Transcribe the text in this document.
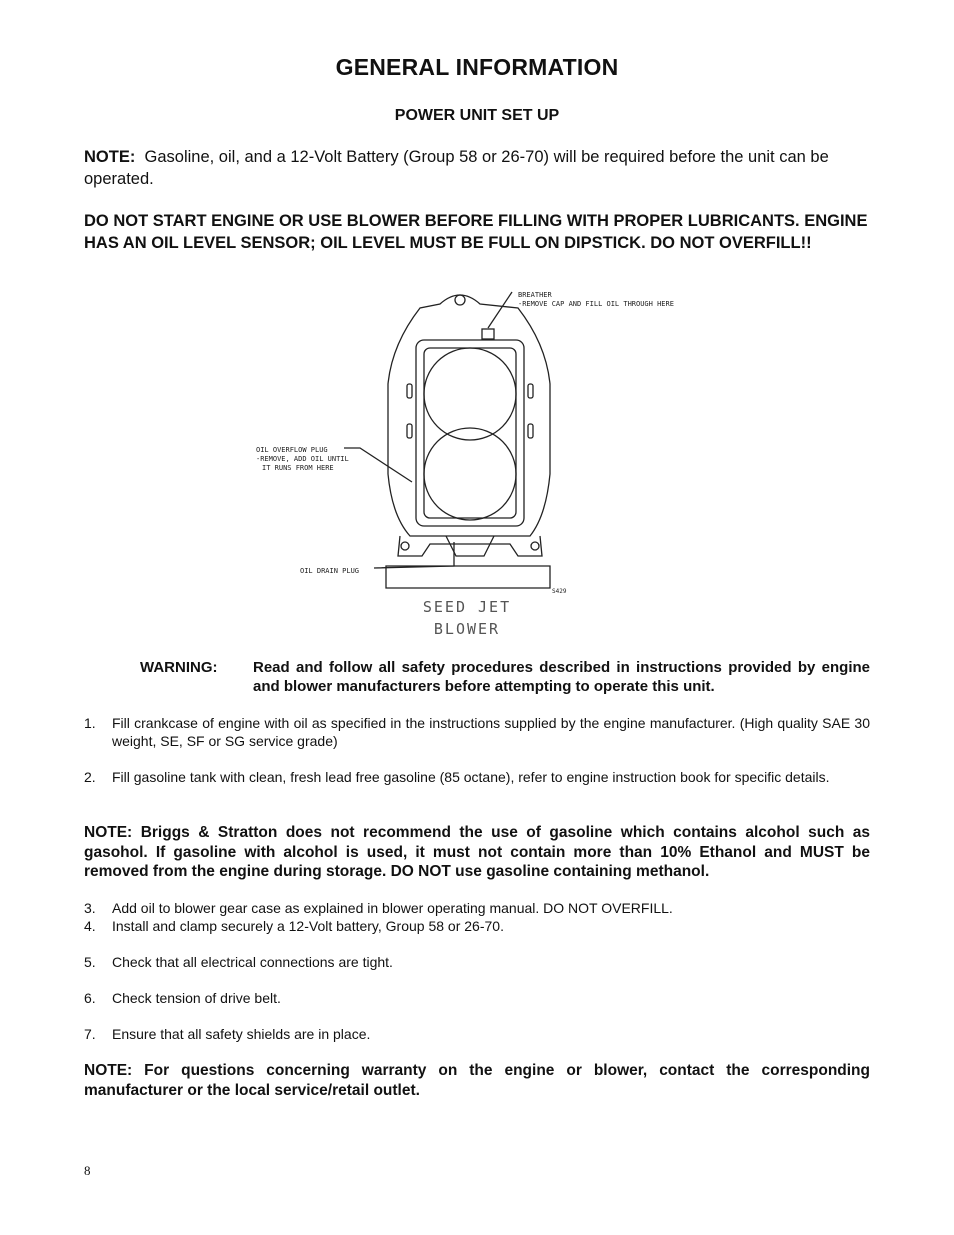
GENERAL INFORMATION
POWER UNIT SET UP

NOTE: Gasoline, oil, and a 12-Volt Battery (Group 58 or 26-70) will be required before the unit can be operated.

DO NOT START ENGINE OR USE BLOWER BEFORE FILLING WITH PROPER LUBRICANTS. ENGINE HAS AN OIL LEVEL SENSOR; OIL LEVEL MUST BE FULL ON DIPSTICK. DO NOT OVERFILL!!

BREATHER
-REMOVE CAP AND FILL OIL THROUGH HERE
OIL OVERFLOW PLUG
-REMOVE, ADD OIL UNTIL
IT RUNS FROM HERE
OIL DRAIN PLUG
S429
SEED JET
BLOWER
WARNING: Read and follow all safety procedures described in instructions provided by engine and blower manufacturers before attempting to operate this unit.
1. Fill crankcase of engine with oil as specified in the instructions supplied by the engine manufacturer. (High quality SAE 30 weight, SE, SF or SG service grade)
2. Fill gasoline tank with clean, fresh lead free gasoline (85 octane), refer to engine instruction book for specific details.

NOTE: Briggs & Stratton does not recommend the use of gasoline which contains alcohol such as gasohol. If gasoline with alcohol is used, it must not contain more than 10% Ethanol and MUST be removed from the engine during storage. DO NOT use gasoline containing methanol.

3. Add oil to blower gear case as explained in blower operating manual. DO NOT OVERFILL.
4. Install and clamp securely a 12-Volt battery, Group 58 or 26-70.
5. Check that all electrical connections are tight.
6. Check tension of drive belt.
7. Ensure that all safety shields are in place.

NOTE: For questions concerning warranty on the engine or blower, contact the corresponding manufacturer or the local service/retail outlet.

8
